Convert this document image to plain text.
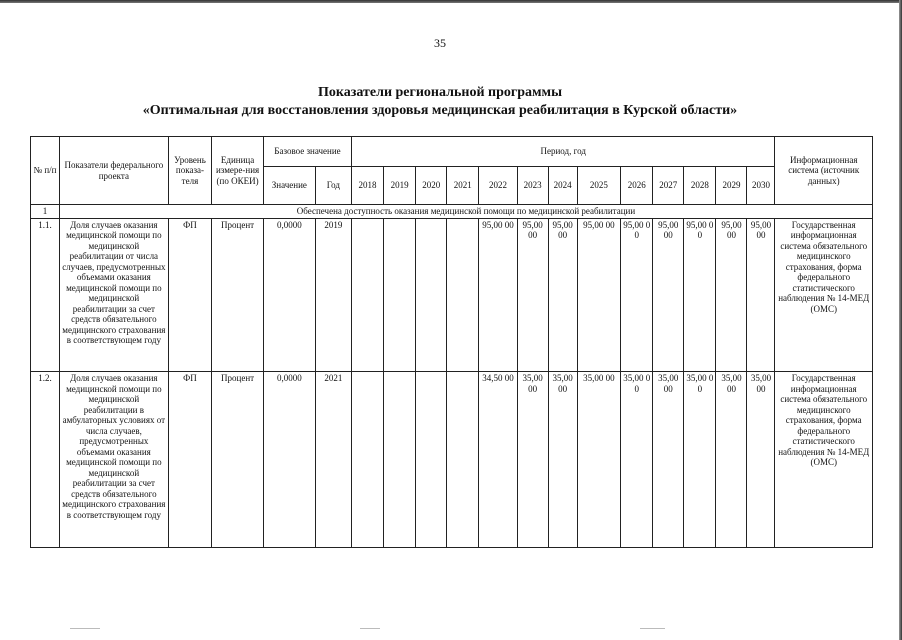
35
Показатели региональной программы
«Оптимальная для восстановления здоровья медицинская реабилитация в Курской области»
№ п/п	Показатели федерального проекта	Уровень показа-теля	Единица измере-ния (по ОКЕИ)	Базовое значение		Период, год													Информационная система (источник данных)
				Значение	Год	2018	2019	2020	2021	2022	2023	2024	2025	2026	2027	2028	2029	2030	
1	Обеспечена доступность оказания медицинской помощи по медицинской реабилитации																		
1.1.	Доля случаев оказания медицинской помощи по медицинской реабилитации от числа случаев, предусмотренных объемами оказания медицинской помощи по медицинской реабилитации за счет средств обязательного медицинского страхования в соответствующем году	ФП	Процент	0,0000	2019					95,00 00	95,00 00	95,00 00	95,00 00	95,00 00	95,00 00	95,00 00	95,00 00	95,00 00	Государственная информационная система обязательного медицинского страхования, форма федерального статистического наблюдения № 14-МЕД (ОМС)
1.2.	Доля случаев оказания медицинской помощи по медицинской реабилитации в амбулаторных условиях от числа случаев, предусмотренных объемами оказания медицинской помощи по медицинской реабилитации за счет средств обязательного медицинского страхования в соответствующем году	ФП	Процент	0,0000	2021					34,50 00	35,00 00	35,00 00	35,00 00	35,00 00	35,00 00	35,00 00	35,00 00	35,00 00	Государственная информационная система обязательного медицинского страхования, форма федерального статистического наблюдения № 14-МЕД (ОМС)
